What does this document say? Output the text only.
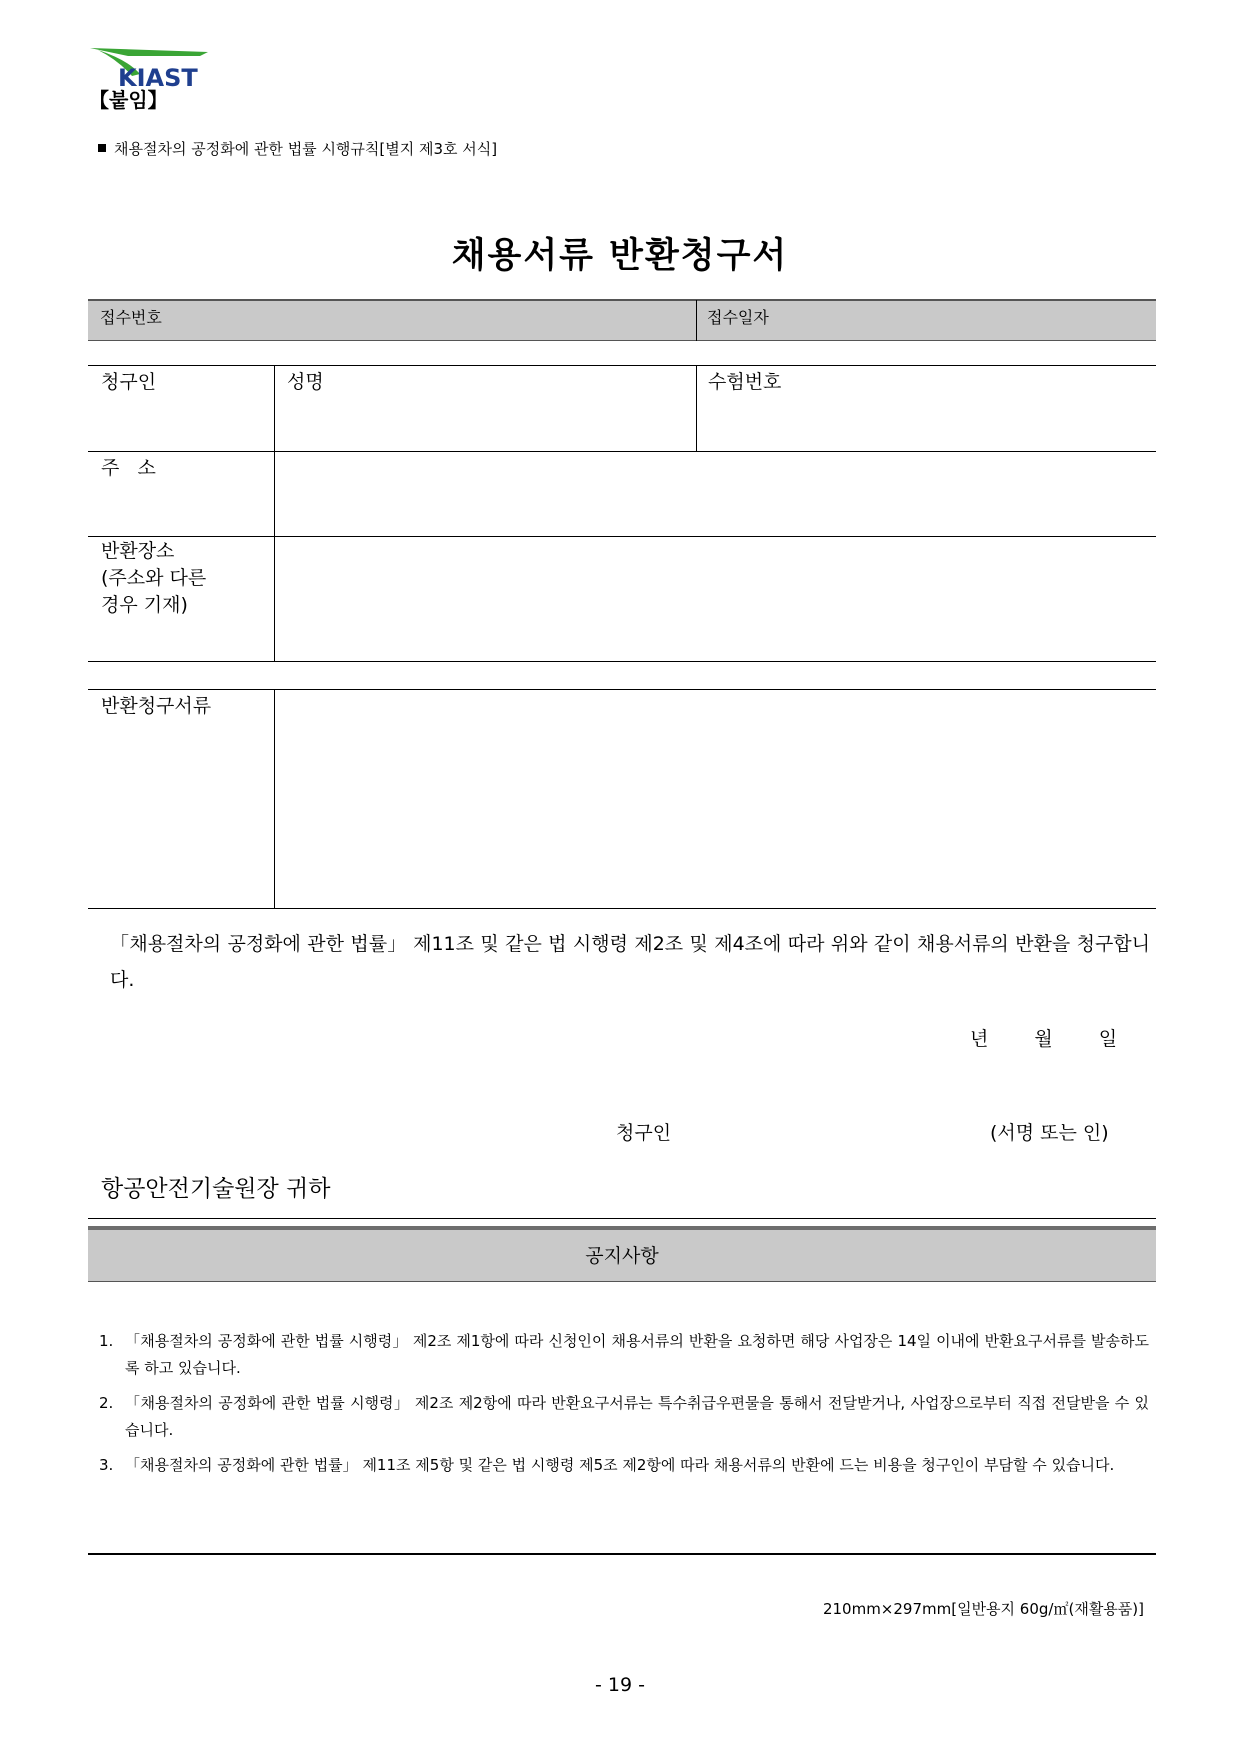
KIAST
【붙임】
채용절차의 공정화에 관한 법률 시행규칙[별지 제3호 서식]
채용서류 반환청구서
접수번호	접수일자
청구인	성명	수험번호
주   소
반환장소
(주소와 다른
경우 기재)
반환청구서류
「채용절차의 공정화에 관한 법률」 제11조 및 같은 법 시행령 제2조 및 제4조에 따라 위와 같이 채용서류의 반환을 청구합니다.
년 월 일
청구인	(서명 또는 인)
항공안전기술원장 귀하
공지사항
1. 「채용절차의 공정화에 관한 법률 시행령」 제2조 제1항에 따라 신청인이 채용서류의 반환을 요청하면 해당 사업장은 14일 이내에 반환요구서류를 발송하도록 하고 있습니다.
2. 「채용절차의 공정화에 관한 법률 시행령」 제2조 제2항에 따라 반환요구서류는 특수취급우편물을 통해서 전달받거나, 사업장으로부터 직접 전달받을 수 있습니다.
3. 「채용절차의 공정화에 관한 법률」 제11조 제5항 및 같은 법 시행령 제5조 제2항에 따라 채용서류의 반환에 드는 비용을 청구인이 부담할 수 있습니다.
210mm×297mm[일반용지 60g/㎡(재활용품)]
- 19 -
